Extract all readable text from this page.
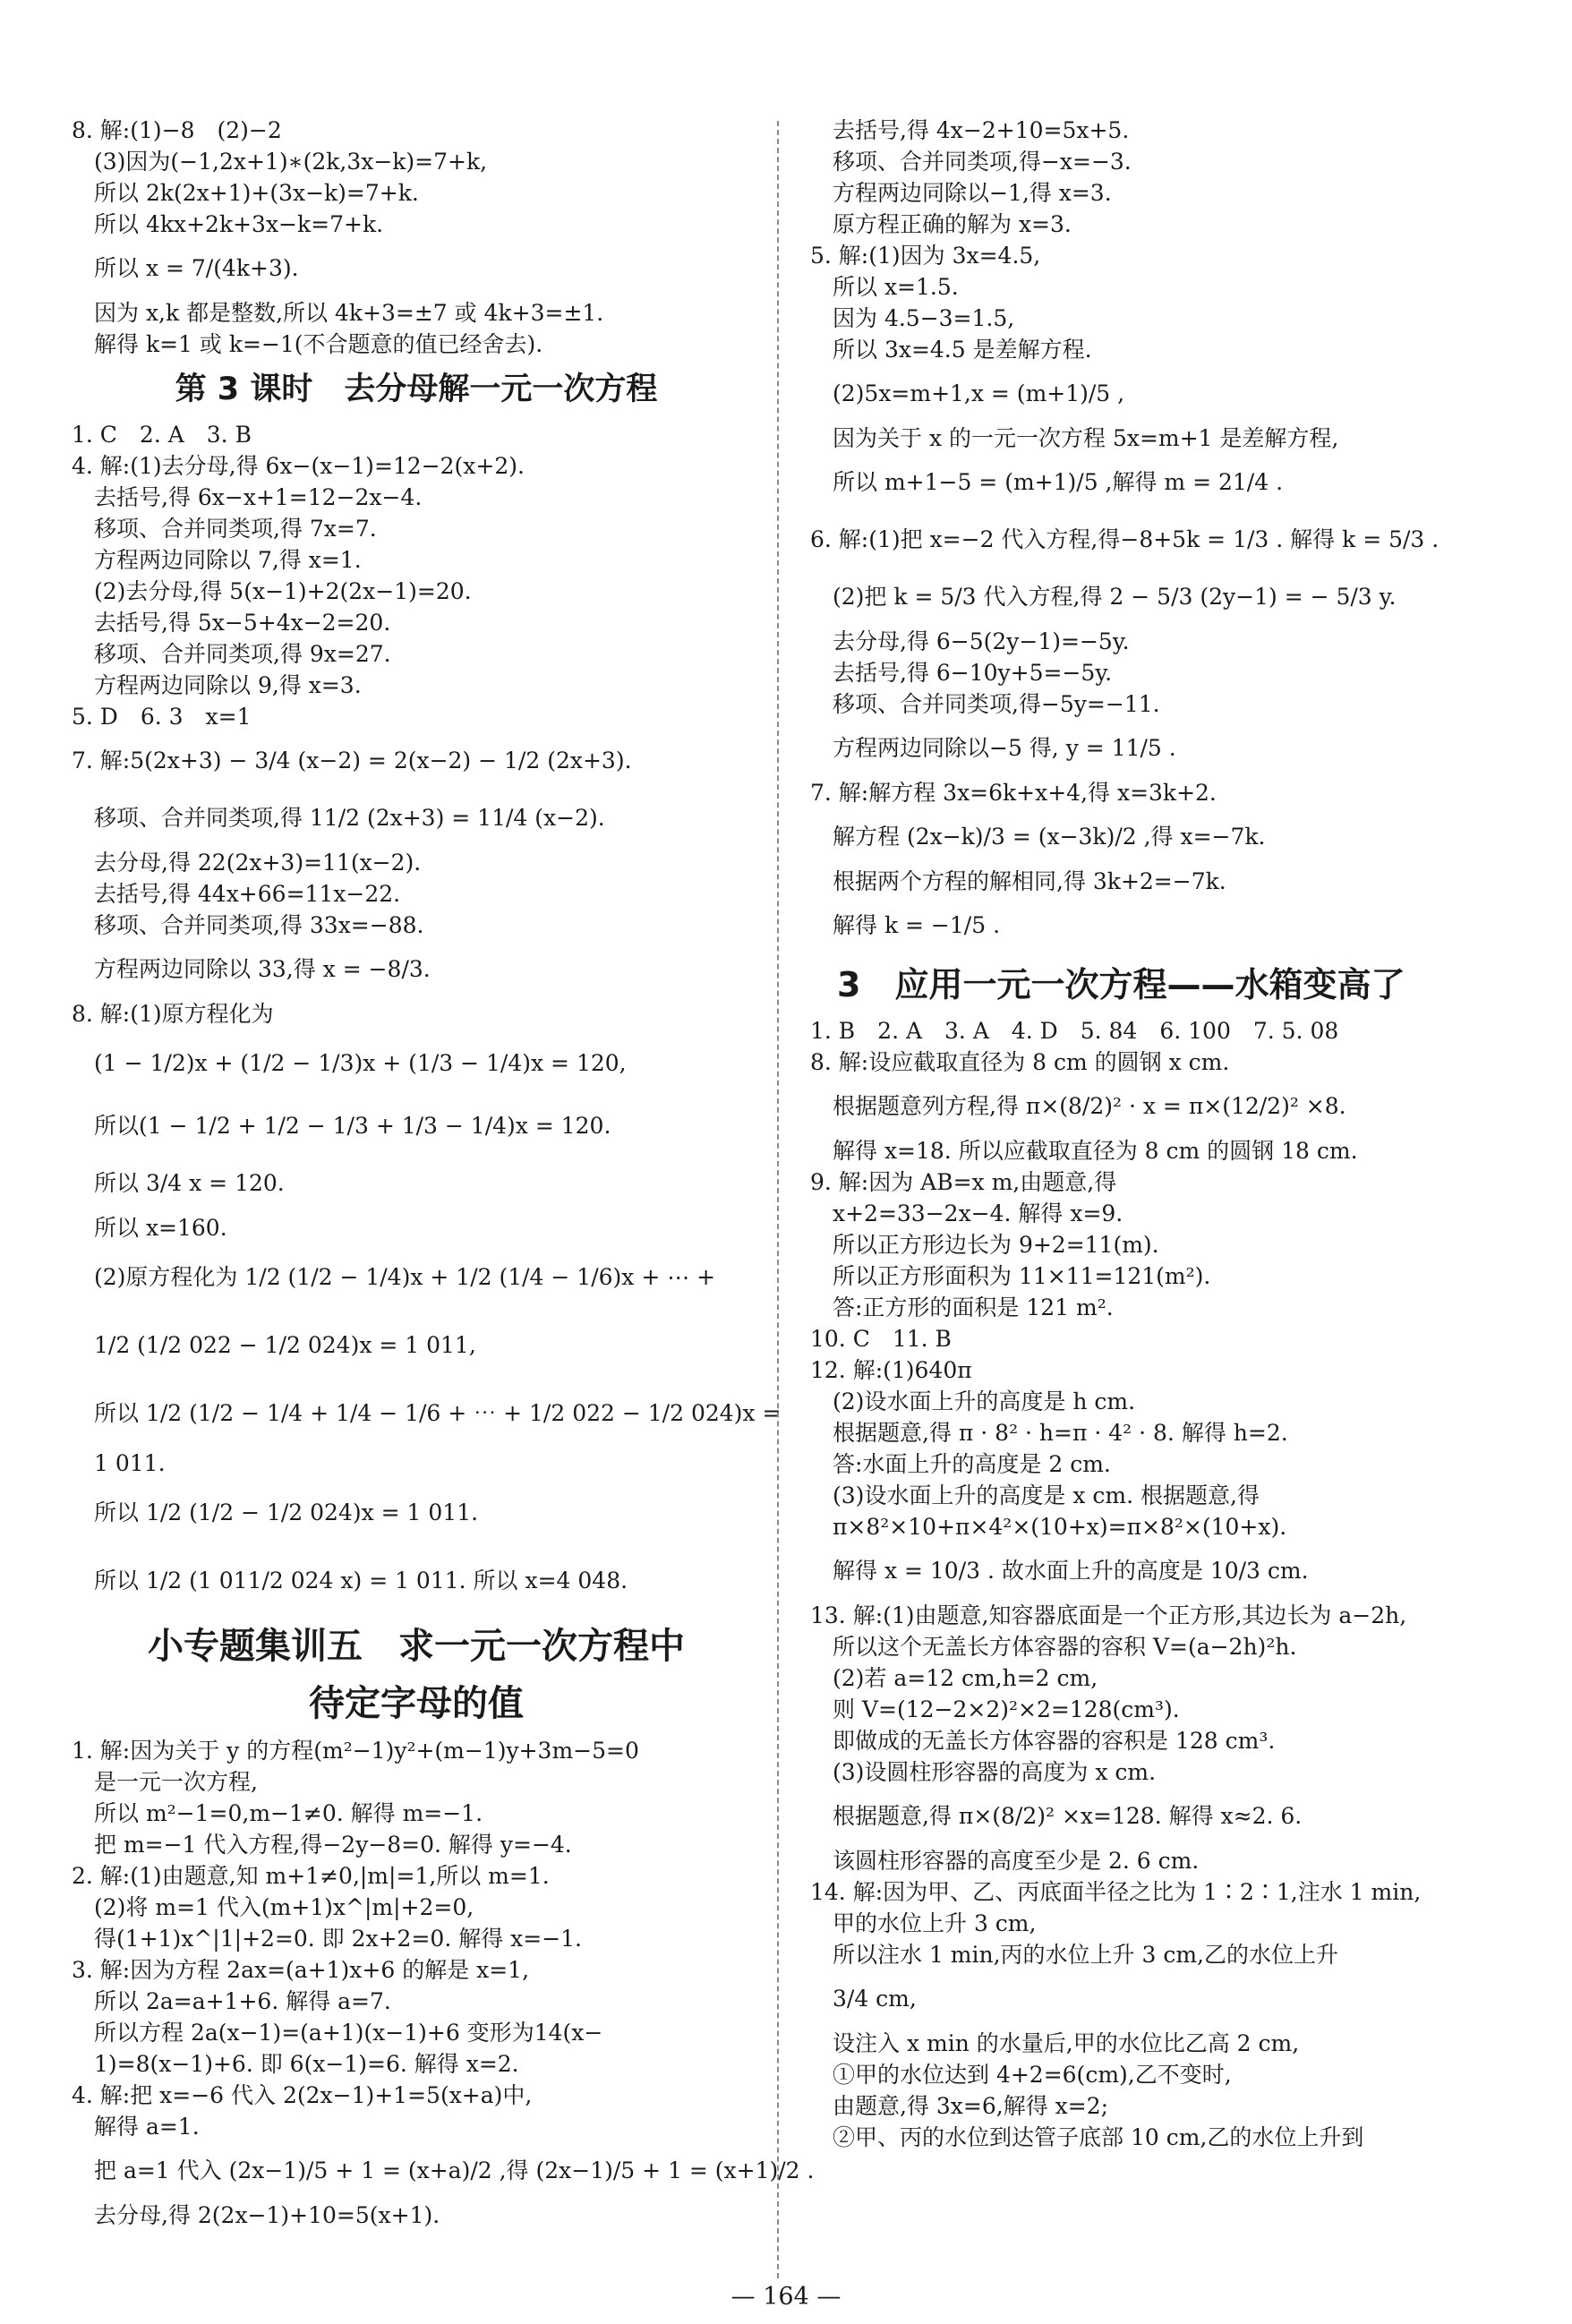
8. 解:(1)−8　(2)−2
(3)因为(−1,2x+1)∗(2k,3x−k)=7+k,
所以 2k(2x+1)+(3x−k)=7+k.
所以 4kx+2k+3x−k=7+k.
所以 x = 7/(4k+3).
因为 x,k 都是整数,所以 4k+3=±7 或 4k+3=±1.
解得 k=1 或 k=−1(不合题意的值已经舍去).
第 3 课时　去分母解一元一次方程
1. C　2. A　3. B
4. 解:(1)去分母,得 6x−(x−1)=12−2(x+2).
去括号,得 6x−x+1=12−2x−4.
移项、合并同类项,得 7x=7.
方程两边同除以 7,得 x=1.
(2)去分母,得 5(x−1)+2(2x−1)=20.
去括号,得 5x−5+4x−2=20.
移项、合并同类项,得 9x=27.
方程两边同除以 9,得 x=3.
5. D　6. 3　x=1
7. 解:5(2x+3) − 3/4 (x−2) = 2(x−2) − 1/2 (2x+3).
移项、合并同类项,得 11/2 (2x+3) = 11/4 (x−2).
去分母,得 22(2x+3)=11(x−2).
去括号,得 44x+66=11x−22.
移项、合并同类项,得 33x=−88.
方程两边同除以 33,得 x = −8/3.
8. 解:(1)原方程化为
(1 − 1/2)x + (1/2 − 1/3)x + (1/3 − 1/4)x = 120,
所以(1 − 1/2 + 1/2 − 1/3 + 1/3 − 1/4)x = 120.
所以 3/4 x = 120.
所以 x=160.
(2)原方程化为 1/2 (1/2 − 1/4)x + 1/2 (1/4 − 1/6)x + ⋯ +
1/2 (1/2 022 − 1/2 024)x = 1 011,
所以 1/2 (1/2 − 1/4 + 1/4 − 1/6 + ⋯ + 1/2 022 − 1/2 024)x =
1 011.
所以 1/2 (1/2 − 1/2 024)x = 1 011.
所以 1/2 (1 011/2 024 x) = 1 011. 所以 x=4 048.
小专题集训五　求一元一次方程中
待定字母的值
1. 解:因为关于 y 的方程(m²−1)y²+(m−1)y+3m−5=0
是一元一次方程,
所以 m²−1=0,m−1≠0. 解得 m=−1.
把 m=−1 代入方程,得−2y−8=0. 解得 y=−4.
2. 解:(1)由题意,知 m+1≠0,|m|=1,所以 m=1.
(2)将 m=1 代入(m+1)x^|m|+2=0,
得(1+1)x^|1|+2=0. 即 2x+2=0. 解得 x=−1.
3. 解:因为方程 2ax=(a+1)x+6 的解是 x=1,
所以 2a=a+1+6. 解得 a=7.
所以方程 2a(x−1)=(a+1)(x−1)+6 变形为14(x−
1)=8(x−1)+6. 即 6(x−1)=6. 解得 x=2.
4. 解:把 x=−6 代入 2(2x−1)+1=5(x+a)中,
解得 a=1.
把 a=1 代入 (2x−1)/5 + 1 = (x+a)/2 ,得 (2x−1)/5 + 1 = (x+1)/2 .
去分母,得 2(2x−1)+10=5(x+1).
去括号,得 4x−2+10=5x+5.
移项、合并同类项,得−x=−3.
方程两边同除以−1,得 x=3.
原方程正确的解为 x=3.
5. 解:(1)因为 3x=4.5,
所以 x=1.5.
因为 4.5−3=1.5,
所以 3x=4.5 是差解方程.
(2)5x=m+1,x = (m+1)/5 ,
因为关于 x 的一元一次方程 5x=m+1 是差解方程,
所以 m+1−5 = (m+1)/5 ,解得 m = 21/4 .
6. 解:(1)把 x=−2 代入方程,得−8+5k = 1/3 . 解得 k = 5/3 .
(2)把 k = 5/3 代入方程,得 2 − 5/3 (2y−1) = − 5/3 y.
去分母,得 6−5(2y−1)=−5y.
去括号,得 6−10y+5=−5y.
移项、合并同类项,得−5y=−11.
方程两边同除以−5 得, y = 11/5 .
7. 解:解方程 3x=6k+x+4,得 x=3k+2.
解方程 (2x−k)/3 = (x−3k)/2 ,得 x=−7k.
根据两个方程的解相同,得 3k+2=−7k.
解得 k = −1/5 .
3　应用一元一次方程——水箱变高了
1. B　2. A　3. A　4. D　5. 84　6. 100　7. 5. 08
8. 解:设应截取直径为 8 cm 的圆钢 x cm.
根据题意列方程,得 π×(8/2)² · x = π×(12/2)² ×8.
解得 x=18. 所以应截取直径为 8 cm 的圆钢 18 cm.
9. 解:因为 AB=x m,由题意,得
x+2=33−2x−4. 解得 x=9.
所以正方形边长为 9+2=11(m).
所以正方形面积为 11×11=121(m²).
答:正方形的面积是 121 m².
10. C　11. B
12. 解:(1)640π
(2)设水面上升的高度是 h cm.
根据题意,得 π · 8² · h=π · 4² · 8. 解得 h=2.
答:水面上升的高度是 2 cm.
(3)设水面上升的高度是 x cm. 根据题意,得
π×8²×10+π×4²×(10+x)=π×8²×(10+x).
解得 x = 10/3 . 故水面上升的高度是 10/3 cm.
13. 解:(1)由题意,知容器底面是一个正方形,其边长为 a−2h,
所以这个无盖长方体容器的容积 V=(a−2h)²h.
(2)若 a=12 cm,h=2 cm,
则 V=(12−2×2)²×2=128(cm³).
即做成的无盖长方体容器的容积是 128 cm³.
(3)设圆柱形容器的高度为 x cm.
根据题意,得 π×(8/2)² ×x=128. 解得 x≈2. 6.
该圆柱形容器的高度至少是 2. 6 cm.
14. 解:因为甲、乙、丙底面半径之比为 1∶2∶1,注水 1 min,
甲的水位上升 3 cm,
所以注水 1 min,丙的水位上升 3 cm,乙的水位上升
3/4 cm,
设注入 x min 的水量后,甲的水位比乙高 2 cm,
①甲的水位达到 4+2=6(cm),乙不变时,
由题意,得 3x=6,解得 x=2;
②甲、丙的水位到达管子底部 10 cm,乙的水位上升到
— 164 —
